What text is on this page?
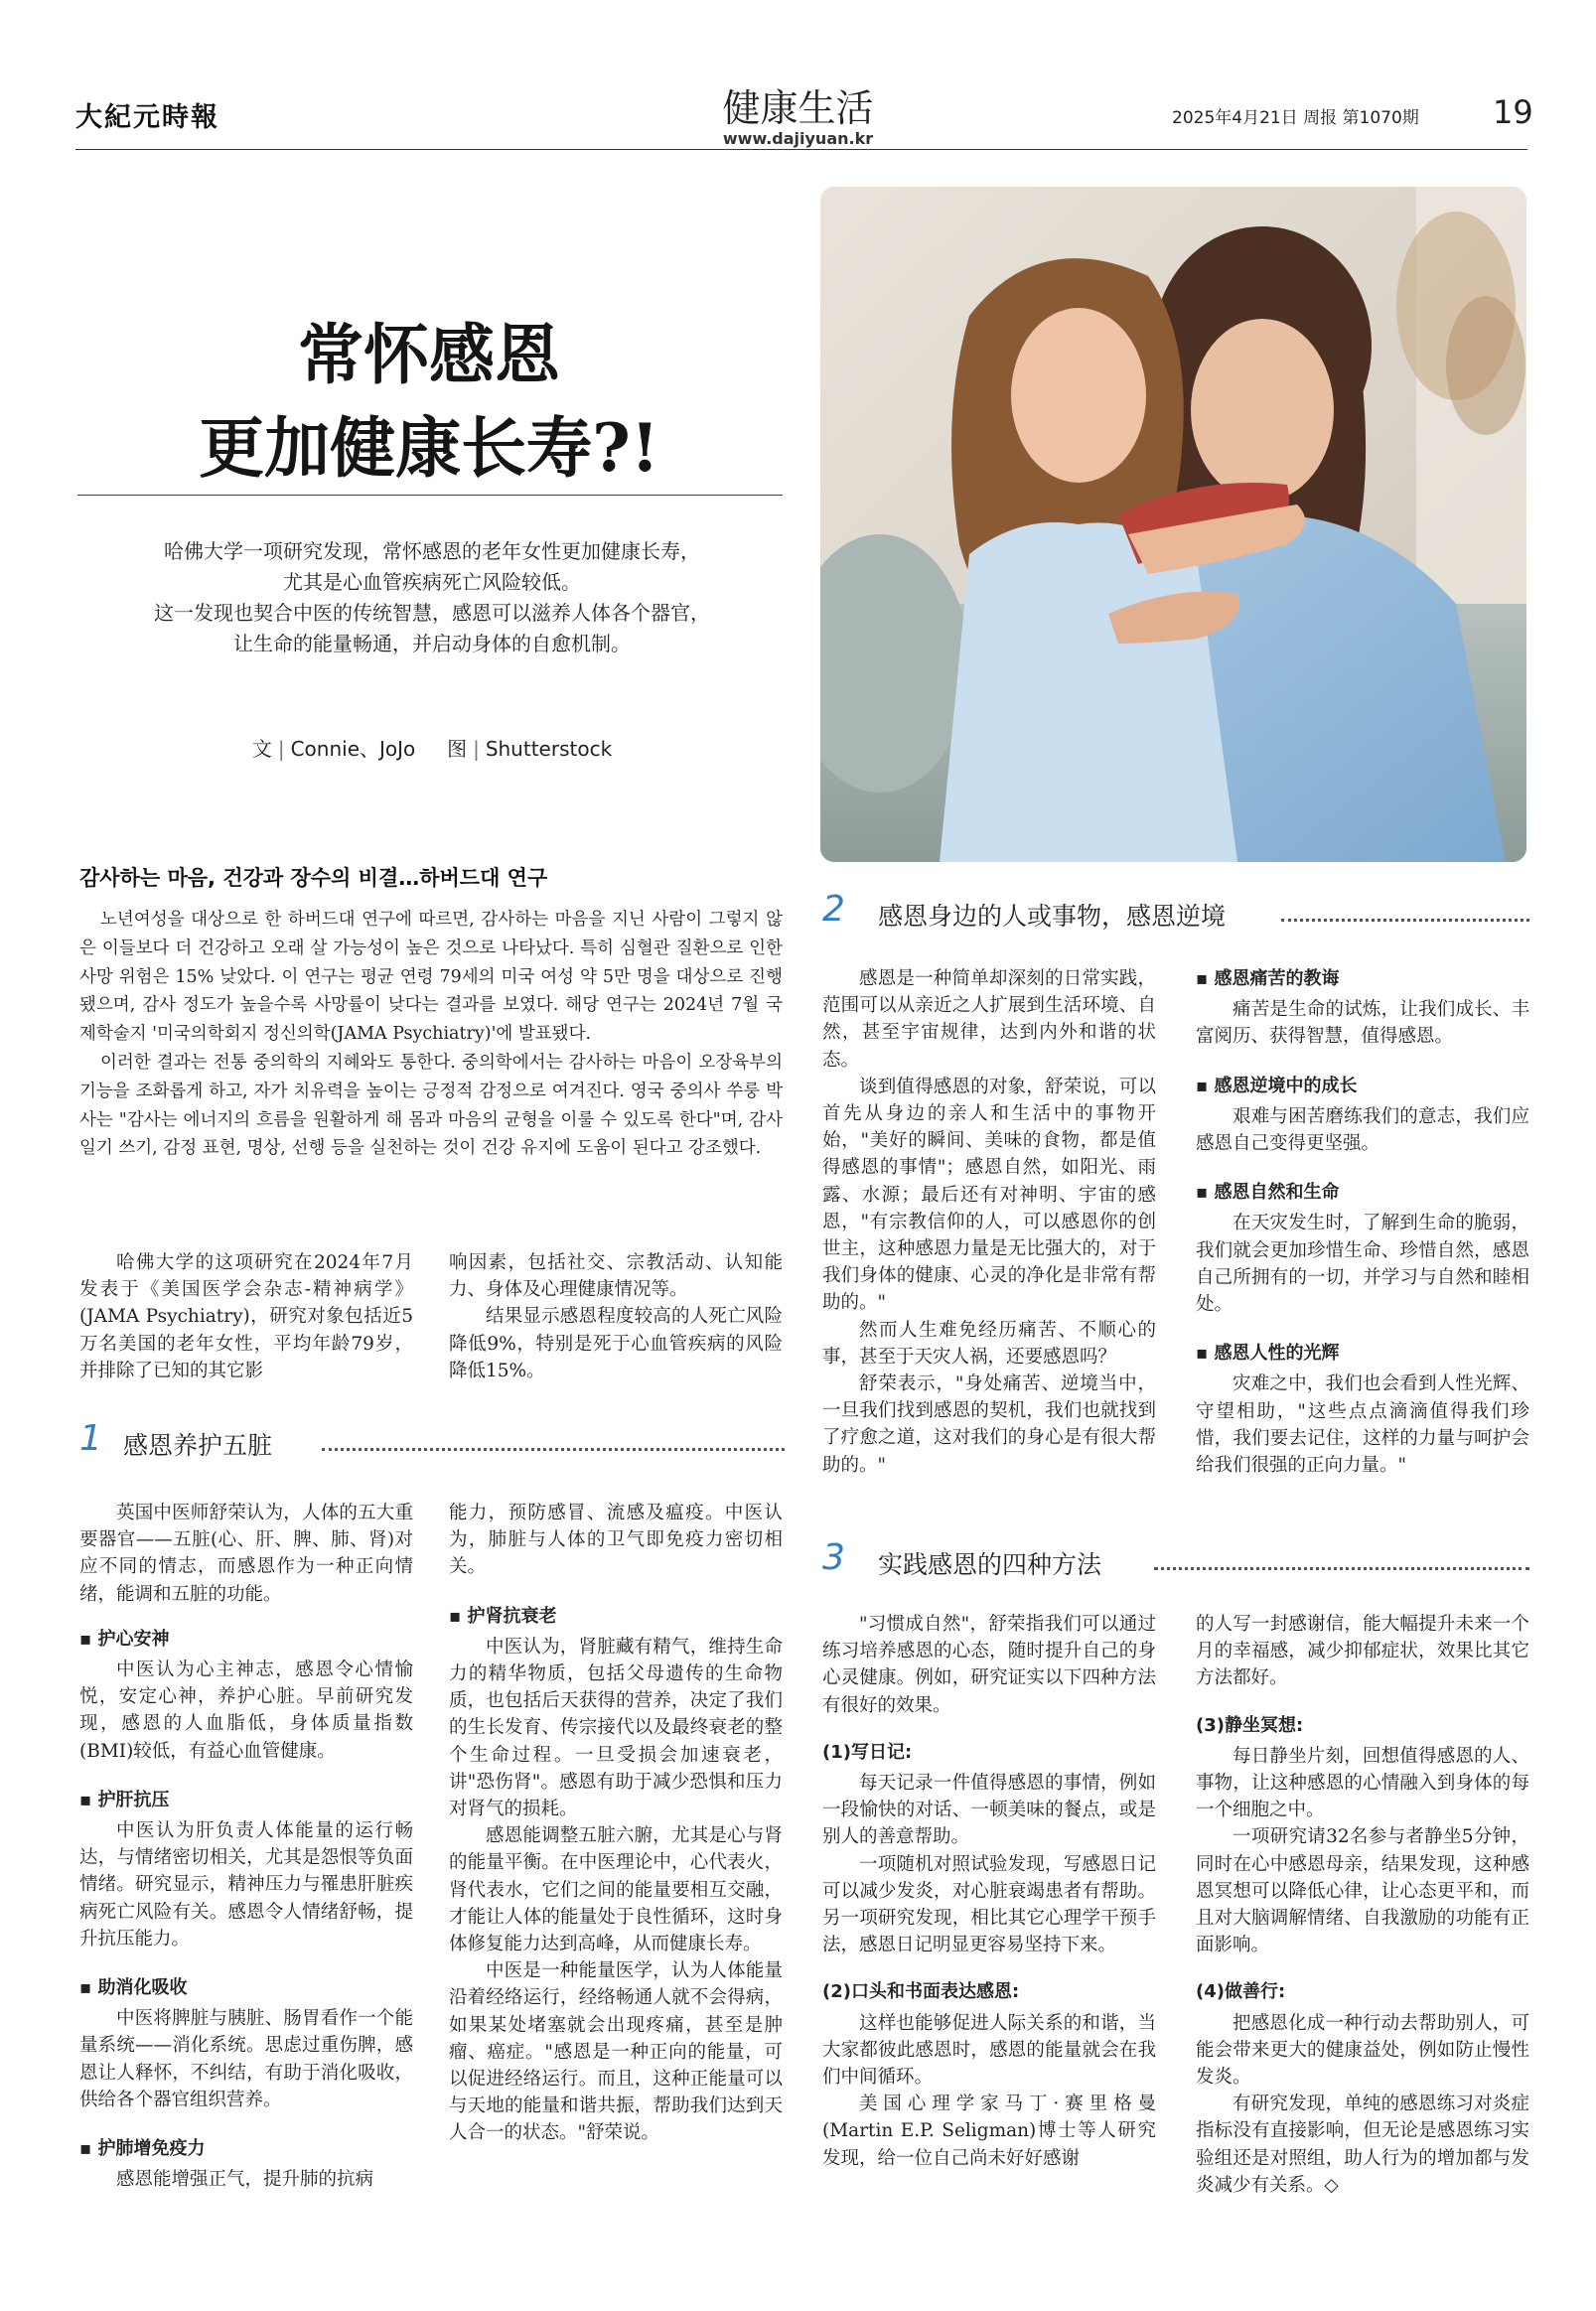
大紀元時報	健康生活
www.dajiyuan.kr
2025年4月21日 周报 第1070期 19
常怀感恩
更加健康长寿?!
哈佛大学一项研究发现，常怀感恩的老年女性更加健康长寿，
尤其是心血管疾病死亡风险较低。
这一发现也契合中医的传统智慧，感恩可以滋养人体各个器官，
让生命的能量畅通，并启动身体的自愈机制。
文 | Connie、JoJo 图 | Shutterstock
감사하는 마음, 건강과 장수의 비결…하버드대 연구

노년여성을 대상으로 한 하버드대 연구에 따르면, 감사하는 마음을 지닌 사람이 그렇지 않은 이들보다 더 건강하고 오래 살 가능성이 높은 것으로 나타났다. 특히 심혈관 질환으로 인한 사망 위험은 15% 낮았다. 이 연구는 평균 연령 79세의 미국 여성 약 5만 명을 대상으로 진행됐으며, 감사 정도가 높을수록 사망률이 낮다는 결과를 보였다. 해당 연구는 2024년 7월 국제학술지 '미국의학회지 정신의학(JAMA Psychiatry)'에 발표됐다.

이러한 결과는 전통 중의학의 지혜와도 통한다. 중의학에서는 감사하는 마음이 오장육부의 기능을 조화롭게 하고, 자가 치유력을 높이는 긍정적 감정으로 여겨진다. 영국 중의사 쑤룽 박사는 "감사는 에너지의 흐름을 원활하게 해 몸과 마음의 균형을 이룰 수 있도록 한다"며, 감사 일기 쓰기, 감정 표현, 명상, 선행 등을 실천하는 것이 건강 유지에 도움이 된다고 강조했다.

哈佛大学的这项研究在2024年7月发表于《美国医学会杂志-精神病学》(JAMA Psychiatry)，研究对象包括近5万名美国的老年女性，平均年龄79岁，并排除了已知的其它影

响因素，包括社交、宗教活动、认知能力、身体及心理健康情况等。

结果显示感恩程度较高的人死亡风险降低9%，特别是死于心血管疾病的风险降低15%。

1 感恩养护五脏

英国中医师舒荣认为，人体的五大重要器官——五脏(心、肝、脾、肺、肾)对应不同的情志，而感恩作为一种正向情绪，能调和五脏的功能。

▪ 护心安神

中医认为心主神志，感恩令心情愉悦，安定心神，养护心脏。早前研究发现，感恩的人血脂低，身体质量指数(BMI)较低，有益心血管健康。

▪ 护肝抗压

中医认为肝负责人体能量的运行畅达，与情绪密切相关，尤其是怨恨等负面情绪。研究显示，精神压力与罹患肝脏疾病死亡风险有关。感恩令人情绪舒畅，提升抗压能力。

▪ 助消化吸收

中医将脾脏与胰脏、肠胃看作一个能量系统——消化系统。思虑过重伤脾，感恩让人释怀，不纠结，有助于消化吸收，供给各个器官组织营养。

▪ 护肺增免疫力

感恩能增强正气，提升肺的抗病

能力，预防感冒、流感及瘟疫。中医认为，肺脏与人体的卫气即免疫力密切相关。

▪ 护肾抗衰老

中医认为，肾脏藏有精气，维持生命力的精华物质，包括父母遗传的生命物质，也包括后天获得的营养，决定了我们的生长发育、传宗接代以及最终衰老的整个生命过程。一旦受损会加速衰老，讲"恐伤肾"。感恩有助于减少恐惧和压力对肾气的损耗。

感恩能调整五脏六腑，尤其是心与肾的能量平衡。在中医理论中，心代表火，肾代表水，它们之间的能量要相互交融，才能让人体的能量处于良性循环，这时身体修复能力达到高峰，从而健康长寿。

中医是一种能量医学，认为人体能量沿着经络运行，经络畅通人就不会得病，如果某处堵塞就会出现疼痛，甚至是肿瘤、癌症。"感恩是一种正向的能量，可以促进经络运行。而且，这种正能量可以与天地的能量和谐共振，帮助我们达到天人合一的状态。"舒荣说。

2 感恩身边的人或事物，感恩逆境

感恩是一种简单却深刻的日常实践，范围可以从亲近之人扩展到生活环境、自然，甚至宇宙规律，达到内外和谐的状态。

谈到值得感恩的对象，舒荣说，可以首先从身边的亲人和生活中的事物开始，"美好的瞬间、美味的食物，都是值得感恩的事情"；感恩自然，如阳光、雨露、水源；最后还有对神明、宇宙的感恩，"有宗教信仰的人，可以感恩你的创世主，这种感恩力量是无比强大的，对于我们身体的健康、心灵的净化是非常有帮助的。"

然而人生难免经历痛苦、不顺心的事，甚至于天灾人祸，还要感恩吗？

舒荣表示，"身处痛苦、逆境当中，一旦我们找到感恩的契机，我们也就找到了疗愈之道，这对我们的身心是有很大帮助的。"

▪ 感恩痛苦的教诲

痛苦是生命的试炼，让我们成长、丰富阅历、获得智慧，值得感恩。

▪ 感恩逆境中的成长

艰难与困苦磨练我们的意志，我们应感恩自己变得更坚强。

▪ 感恩自然和生命

在天灾发生时，了解到生命的脆弱，我们就会更加珍惜生命、珍惜自然，感恩自己所拥有的一切，并学习与自然和睦相处。

▪ 感恩人性的光辉

灾难之中，我们也会看到人性光辉、守望相助，"这些点点滴滴值得我们珍惜，我们要去记住，这样的力量与呵护会给我们很强的正向力量。"

3 实践感恩的四种方法

"习惯成自然"，舒荣指我们可以通过练习培养感恩的心态，随时提升自己的身心灵健康。例如，研究证实以下四种方法有很好的效果。

(1)写日记:

每天记录一件值得感恩的事情，例如一段愉快的对话、一顿美味的餐点，或是别人的善意帮助。

一项随机对照试验发现，写感恩日记可以减少发炎，对心脏衰竭患者有帮助。另一项研究发现，相比其它心理学干预手法，感恩日记明显更容易坚持下来。

(2)口头和书面表达感恩:

这样也能够促进人际关系的和谐，当大家都彼此感恩时，感恩的能量就会在我们中间循环。

美国心理学家马丁·赛里格曼(Martin E.P. Seligman)博士等人研究发现，给一位自己尚未好好感谢

的人写一封感谢信，能大幅提升未来一个月的幸福感，减少抑郁症状，效果比其它方法都好。

(3)静坐冥想:

每日静坐片刻，回想值得感恩的人、事物，让这种感恩的心情融入到身体的每一个细胞之中。

一项研究请32名参与者静坐5分钟，同时在心中感恩母亲，结果发现，这种感恩冥想可以降低心律，让心态更平和，而且对大脑调解情绪、自我激励的功能有正面影响。

(4)做善行:

把感恩化成一种行动去帮助别人，可能会带来更大的健康益处，例如防止慢性发炎。

有研究发现，单纯的感恩练习对炎症指标没有直接影响，但无论是感恩练习实验组还是对照组，助人行为的增加都与发炎减少有关系。◇
